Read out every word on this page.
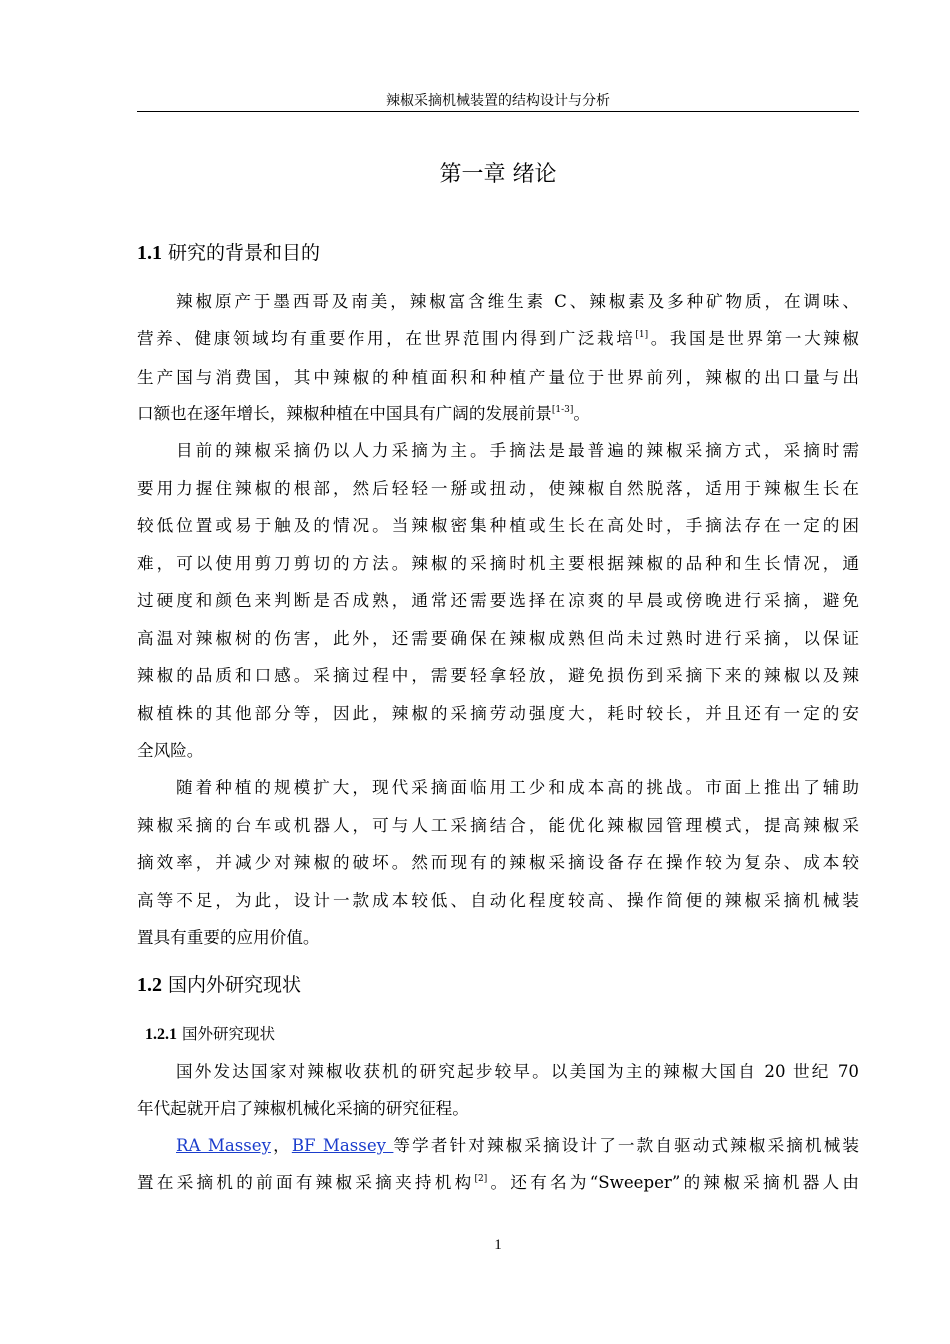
辣椒采摘机械装置的结构设计与分析
第一章 绪论
1.1 研究的背景和目的
辣椒原产于墨西哥及南美，辣椒富含维生素 C、辣椒素及多种矿物质，在调味、
营养、健康领域均有重要作用，在世界范围内得到广泛栽培[1]。我国是世界第一大辣椒
生产国与消费国，其中辣椒的种植面积和种植产量位于世界前列，辣椒的出口量与出
口额也在逐年增长，辣椒种植在中国具有广阔的发展前景[1-3]。
目前的辣椒采摘仍以人力采摘为主。手摘法是最普遍的辣椒采摘方式，采摘时需
要用力握住辣椒的根部，然后轻轻一掰或扭动，使辣椒自然脱落，适用于辣椒生长在
较低位置或易于触及的情况。当辣椒密集种植或生长在高处时，手摘法存在一定的困
难，可以使用剪刀剪切的方法。辣椒的采摘时机主要根据辣椒的品种和生长情况，通
过硬度和颜色来判断是否成熟，通常还需要选择在凉爽的早晨或傍晚进行采摘，避免
高温对辣椒树的伤害，此外，还需要确保在辣椒成熟但尚未过熟时进行采摘，以保证
辣椒的品质和口感。采摘过程中，需要轻拿轻放，避免损伤到采摘下来的辣椒以及辣
椒植株的其他部分等，因此，辣椒的采摘劳动强度大，耗时较长，并且还有一定的安
全风险。
随着种植的规模扩大，现代采摘面临用工少和成本高的挑战。市面上推出了辅助
辣椒采摘的台车或机器人，可与人工采摘结合，能优化辣椒园管理模式，提高辣椒采
摘效率，并减少对辣椒的破坏。然而现有的辣椒采摘设备存在操作较为复杂、成本较
高等不足，为此，设计一款成本较低、自动化程度较高、操作简便的辣椒采摘机械装
置具有重要的应用价值。
1.2 国内外研究现状
1.2.1 国外研究现状
国外发达国家对辣椒收获机的研究起步较早。以美国为主的辣椒大国自 20 世纪 70
年代起就开启了辣椒机械化采摘的研究征程。
RA Massey，BF Massey 等学者针对辣椒采摘设计了一款自驱动式辣椒采摘机械装
置在采摘机的前面有辣椒采摘夹持机构[2]。还有名为“Sweeper”的辣椒采摘机器人由
1
